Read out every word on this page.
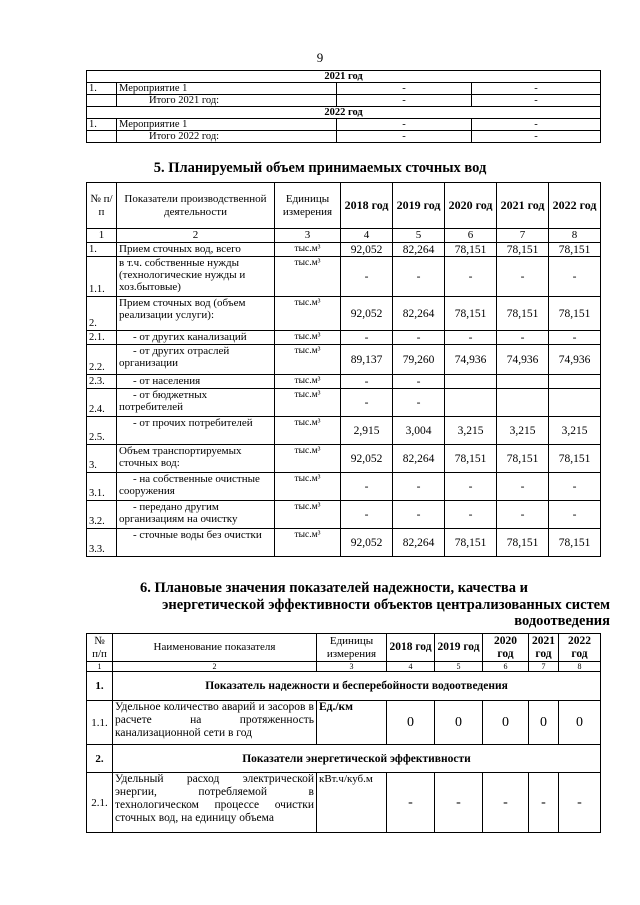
9
2021 год			
1.	Мероприятие 1	-	-
	Итого 2021 год:	-	-
2022 год			
1.	Мероприятие 1	-	-
	Итого 2022 год:	-	-
5. Планируемый объем принимаемых сточных вод
№ п/ п	Показатели производственной деятельности	Единицы измерения	2018 год	2019 год	2020 год	2021 год	2022 год
1	2	3	4	5	6	7	8
1.	Прием сточных вод, всего	тыс.м³	92,052	82,264	78,151	78,151	78,151
1.1.	в т.ч. собственные нужды (технологические нужды и хоз.бытовые)	тыс.м³	-	-	-	-	-
2.	Прием сточных вод (объем реализации услуги):	тыс.м³	92,052	82,264	78,151	78,151	78,151
2.1.	- от других канализаций	тыс.м³	-	-	-	-	-
2.2.	- от других отраслей организации	тыс.м³	89,137	79,260	74,936	74,936	74,936
2.3.	- от населения	тыс.м³	-	-			
2.4.	- от бюджетных потребителей	тыс.м³	-	-			
2.5.	- от прочих потребителей	тыс.м³	2,915	3,004	3,215	3,215	3,215
3.	Объем транспортируемых сточных вод:	тыс.м³	92,052	82,264	78,151	78,151	78,151
3.1.	- на собственные очистные сооружения	тыс.м³	-	-	-	-	-
3.2.	- передано другим организациям на очистку	тыс.м³	-	-	-	-	-
3.3.	- сточные воды без очистки	тыс.м³	92,052	82,264	78,151	78,151	78,151
6. Плановые значения показателей надежности, качества и
энергетической эффективности объектов централизованных систем
водоотведения
№ п/п	Наименование показателя	Единицы измерения	2018 год	2019 год	2020 год	2021 год	2022 год
1	2	3	4	5	6	7	8
1.	Показатель надежности и бесперебойности водоотведения						
1.1.	Удельное количество аварий и засоров в расчете на протяженность канализационной сети в год	Ед./км	0	0	0	0	0
2.	Показатели энергетической эффективности						
2.1.	Удельный расход электрической энергии, потребляемой в технологическом процессе очистки сточных вод, на единицу объема	кВт.ч/куб.м	-	-	-	-	-
